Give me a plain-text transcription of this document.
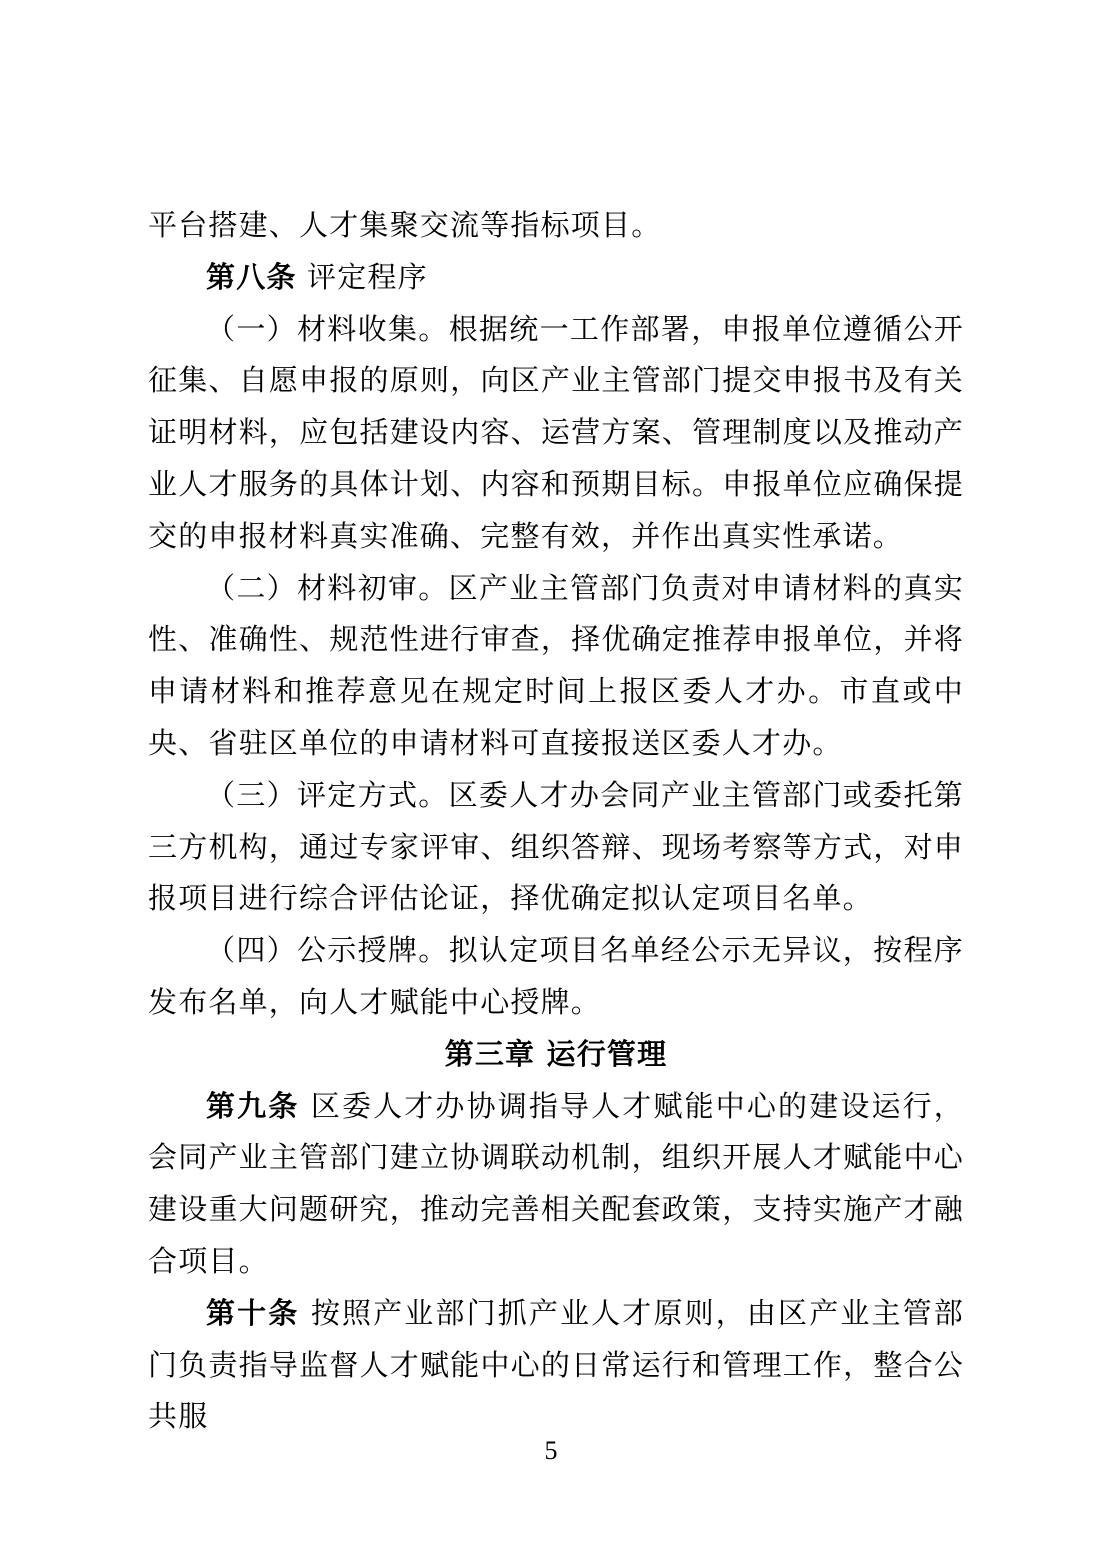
平台搭建、人才集聚交流等指标项目。

第八条 评定程序

（一）材料收集。根据统一工作部署，申报单位遵循公开征集、自愿申报的原则，向区产业主管部门提交申报书及有关证明材料，应包括建设内容、运营方案、管理制度以及推动产业人才服务的具体计划、内容和预期目标。申报单位应确保提交的申报材料真实准确、完整有效，并作出真实性承诺。

（二）材料初审。区产业主管部门负责对申请材料的真实性、准确性、规范性进行审查，择优确定推荐申报单位，并将申请材料和推荐意见在规定时间上报区委人才办。市直或中央、省驻区单位的申请材料可直接报送区委人才办。

（三）评定方式。区委人才办会同产业主管部门或委托第三方机构，通过专家评审、组织答辩、现场考察等方式，对申报项目进行综合评估论证，择优确定拟认定项目名单。

（四）公示授牌。拟认定项目名单经公示无异议，按程序发布名单，向人才赋能中心授牌。

第三章 运行管理

第九条 区委人才办协调指导人才赋能中心的建设运行，会同产业主管部门建立协调联动机制，组织开展人才赋能中心建设重大问题研究，推动完善相关配套政策，支持实施产才融合项目。

第十条 按照产业部门抓产业人才原则，由区产业主管部门负责指导监督人才赋能中心的日常运行和管理工作，整合公共服

5
